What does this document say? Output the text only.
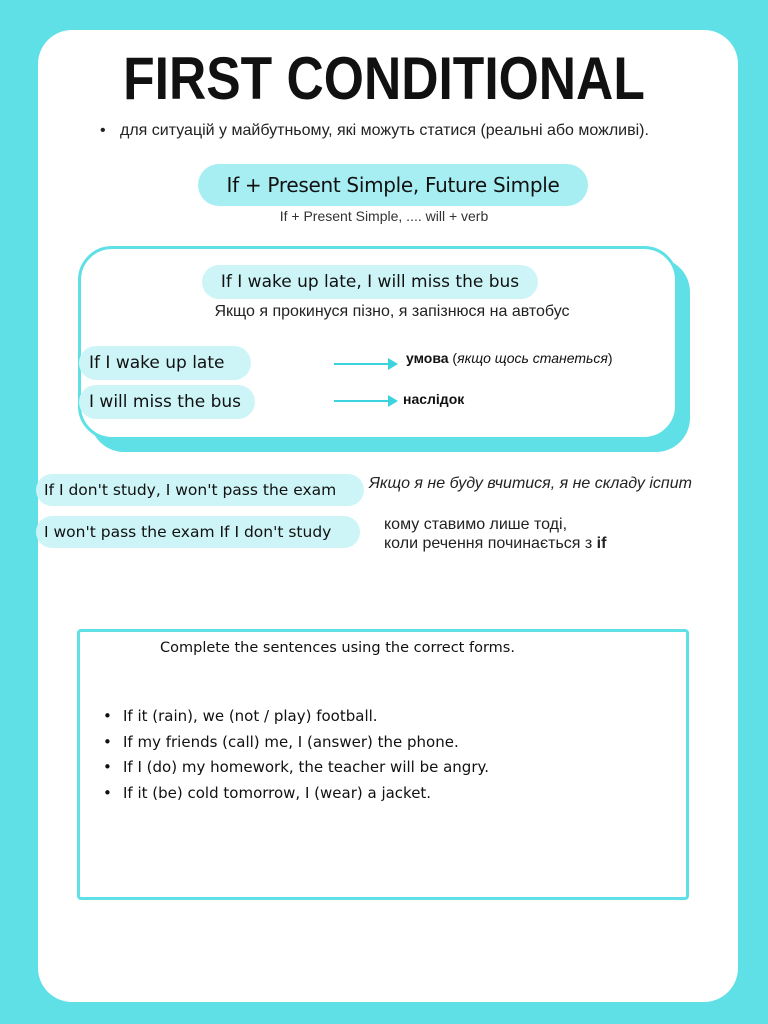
FIRST CONDITIONAL
• для ситуацій у майбутньому, які можуть статися (реальні або можливі).
If + Present Simple, Future Simple
If + Present Simple, .... will + verb
If I wake up late, I will miss the bus
Якщо я прокинуся пізно, я запізнюся на автобус
If I wake up late
I will miss the bus
умова (якщо щось станеться)
наслідок
If I don't study, I won't pass the exam	Якщо я не буду вчитися, я не складу іспит
I won't pass the exam If I don't study	кому ставимо лише тоді,
коли речення починається з if
Complete the sentences using the correct forms.
• If it (rain), we (not / play) football.
• If my friends (call) me, I (answer) the phone.
• If I (do) my homework, the teacher will be angry.
• If it (be) cold tomorrow, I (wear) a jacket.
